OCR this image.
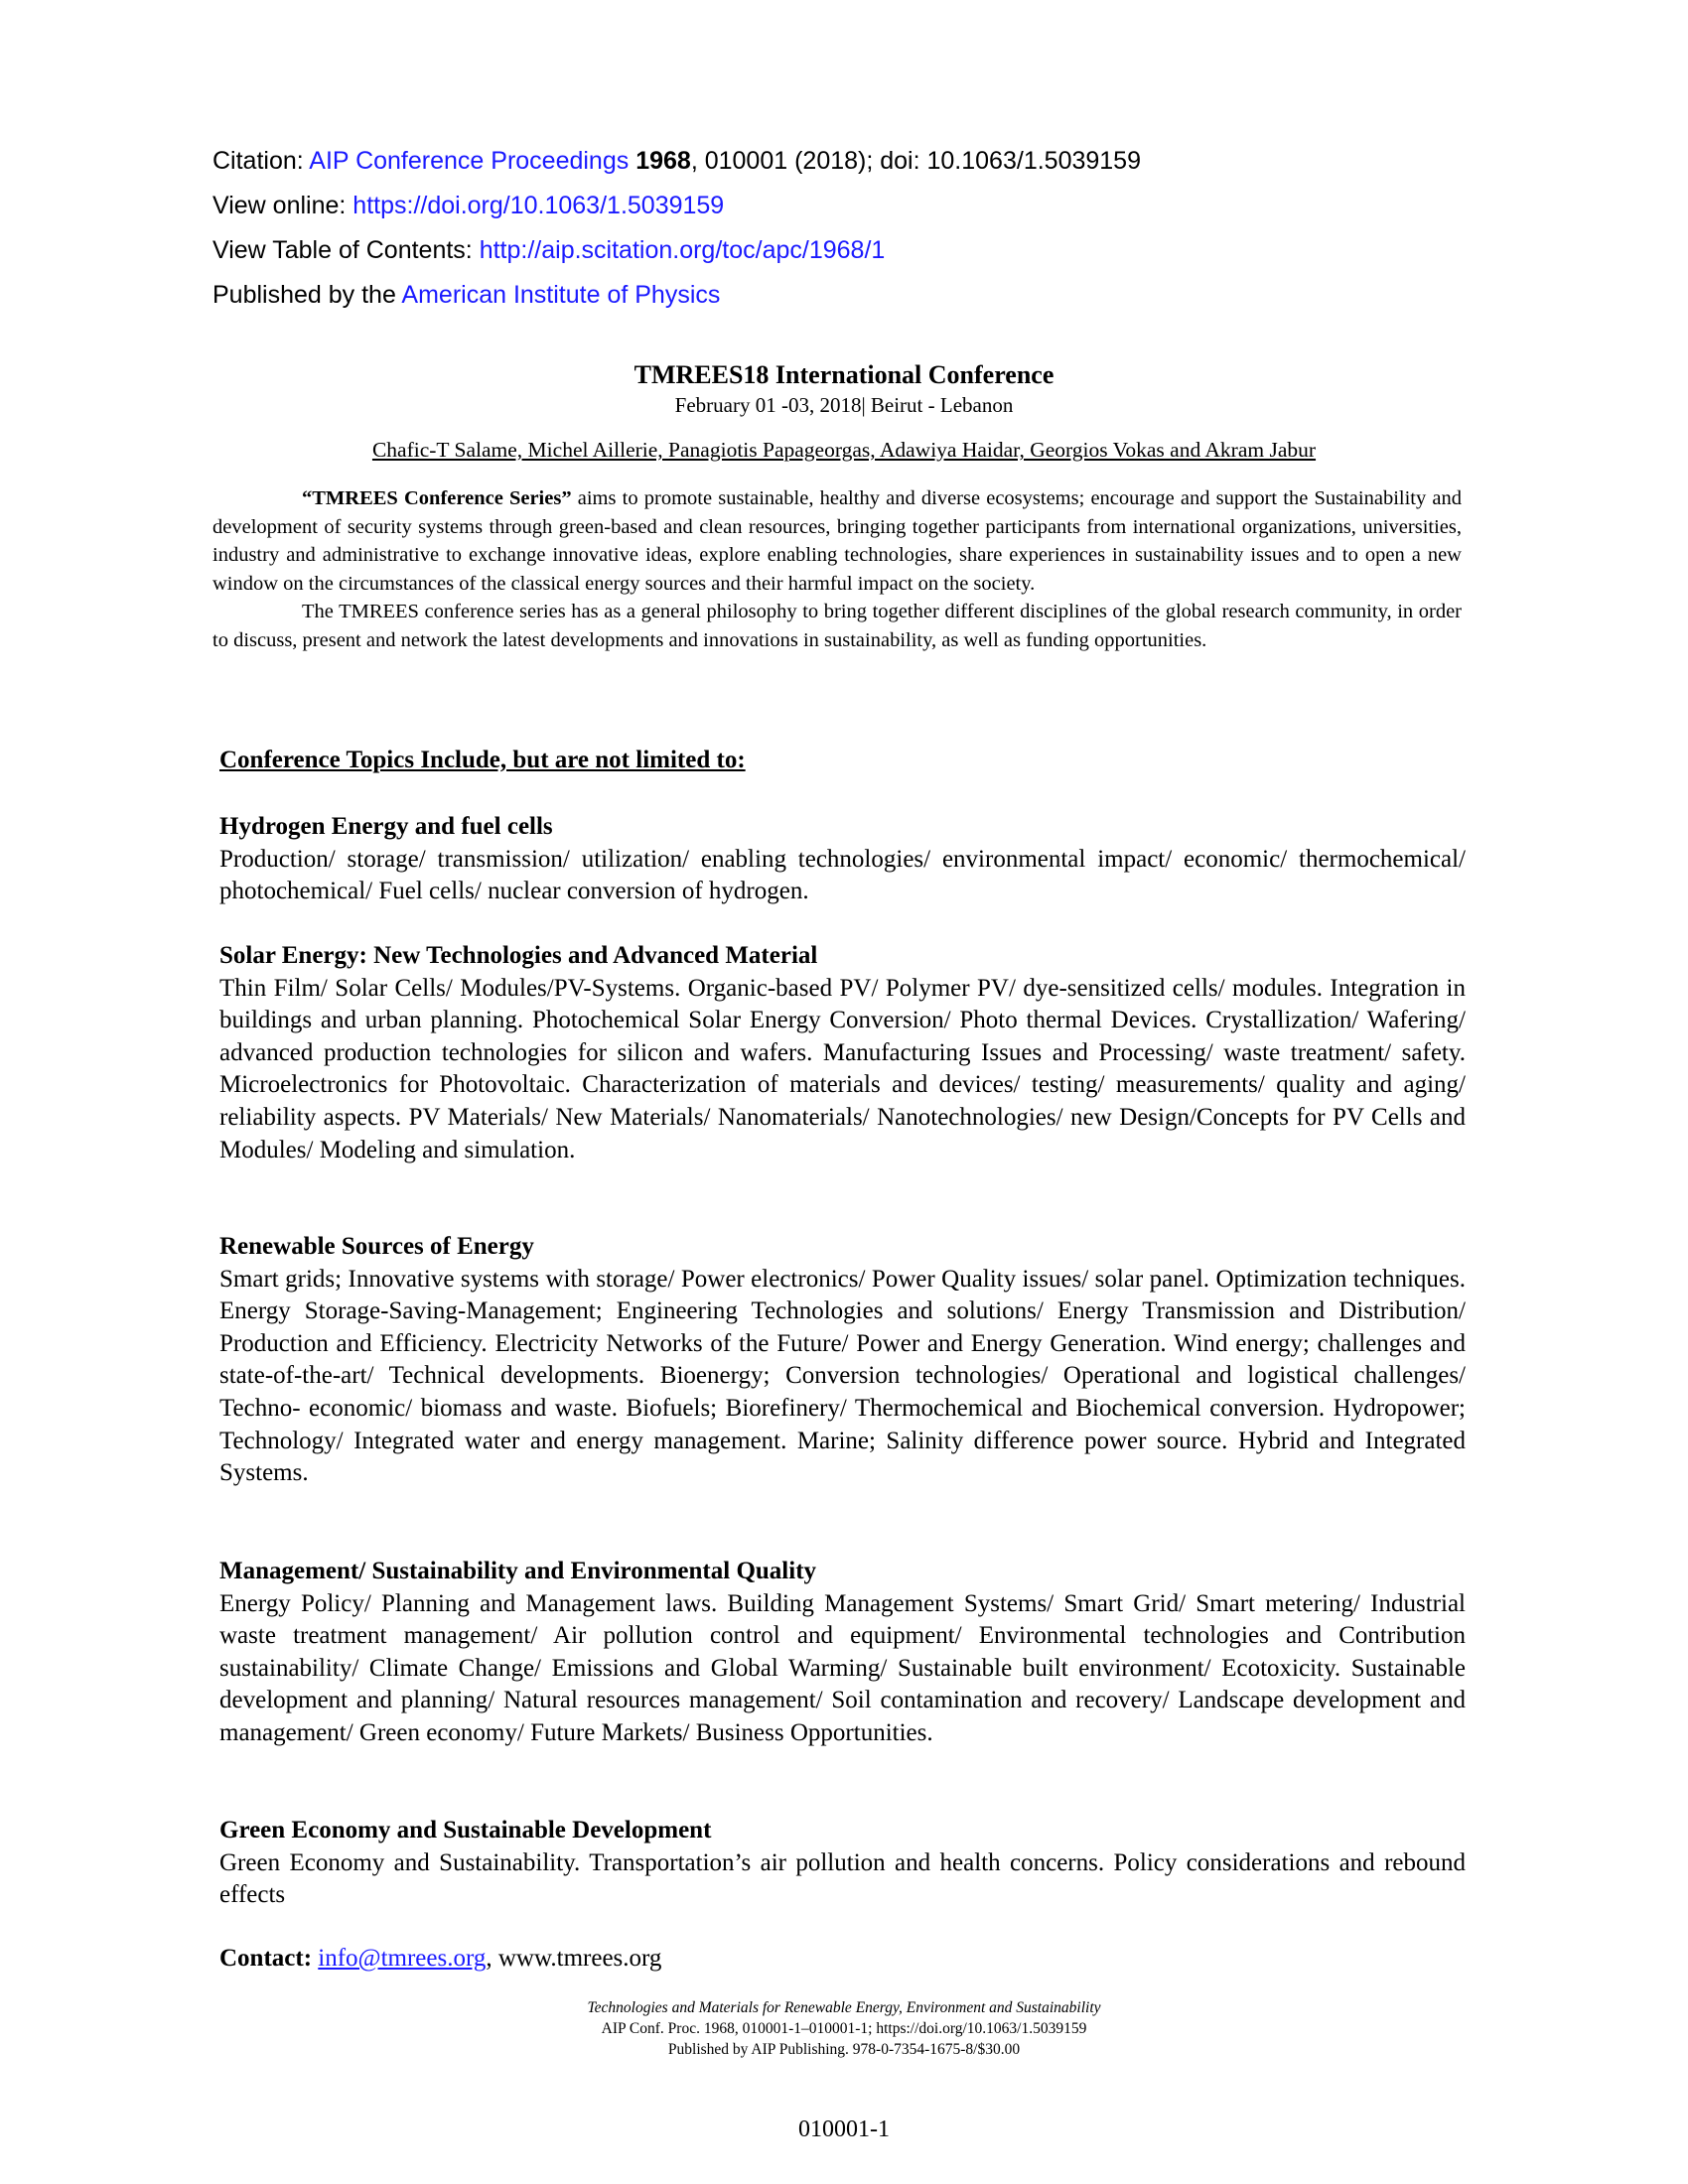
Citation: AIP Conference Proceedings 1968, 010001 (2018); doi: 10.1063/1.5039159
View online: https://doi.org/10.1063/1.5039159
View Table of Contents: http://aip.scitation.org/toc/apc/1968/1
Published by the American Institute of Physics
TMREES18 International Conference
February 01 -03, 2018| Beirut - Lebanon
Chafic-T Salame, Michel Aillerie, Panagiotis Papageorgas, Adawiya Haidar, Georgios Vokas and Akram Jabur

“TMREES Conference Series” aims to promote sustainable, healthy and diverse ecosystems; encourage and support the Sustainability and development of security systems through green-based and clean resources, bringing together participants from international organizations, universities, industry and administrative to exchange innovative ideas, explore enabling technologies, share experiences in sustainability issues and to open a new window on the circumstances of the classical energy sources and their harmful impact on the society.

The TMREES conference series has as a general philosophy to bring together different disciplines of the global research community, in order to discuss, present and network the latest developments and innovations in sustainability, as well as funding opportunities.

Conference Topics Include, but are not limited to:
Hydrogen Energy and fuel cells

Production/ storage/ transmission/ utilization/ enabling technologies/ environmental impact/ economic/ thermochemical/ photochemical/ Fuel cells/ nuclear conversion of hydrogen.

Solar Energy: New Technologies and Advanced Material

Thin Film/ Solar Cells/ Modules/PV-Systems. Organic-based PV/ Polymer PV/ dye-sensitized cells/ modules. Integration in buildings and urban planning. Photochemical Solar Energy Conversion/ Photo thermal Devices. Crystallization/ Wafering/ advanced production technologies for silicon and wafers. Manufacturing Issues and Processing/ waste treatment/ safety. Microelectronics for Photovoltaic. Characterization of materials and devices/ testing/ measurements/ quality and aging/ reliability aspects. PV Materials/ New Materials/ Nanomaterials/ Nanotechnologies/ new Design/Concepts for PV Cells and Modules/ Modeling and simulation.

Renewable Sources of Energy

Smart grids; Innovative systems with storage/ Power electronics/ Power Quality issues/ solar panel. Optimization techniques. Energy Storage-Saving-Management; Engineering Technologies and solutions/ Energy Transmission and Distribution/ Production and Efficiency. Electricity Networks of the Future/ Power and Energy Generation. Wind energy; challenges and state-of-the-art/ Technical developments. Bioenergy; Conversion technologies/ Operational and logistical challenges/ Techno- economic/ biomass and waste. Biofuels; Biorefinery/ Thermochemical and Biochemical conversion. Hydropower; Technology/ Integrated water and energy management. Marine; Salinity difference power source. Hybrid and Integrated Systems.

Management/ Sustainability and Environmental Quality

Energy Policy/ Planning and Management laws. Building Management Systems/ Smart Grid/ Smart metering/ Industrial waste treatment management/ Air pollution control and equipment/ Environmental technologies and Contribution sustainability/ Climate Change/ Emissions and Global Warming/ Sustainable built environment/ Ecotoxicity. Sustainable development and planning/ Natural resources management/ Soil contamination and recovery/ Landscape development and management/ Green economy/ Future Markets/ Business Opportunities.

Green Economy and Sustainable Development

Green Economy and Sustainability. Transportation’s air pollution and health concerns. Policy considerations and rebound effects

Contact: info@tmrees.org, www.tmrees.org
Technologies and Materials for Renewable Energy, Environment and Sustainability
AIP Conf. Proc. 1968, 010001-1–010001-1; https://doi.org/10.1063/1.5039159
Published by AIP Publishing. 978-0-7354-1675-8/$30.00
010001-1
